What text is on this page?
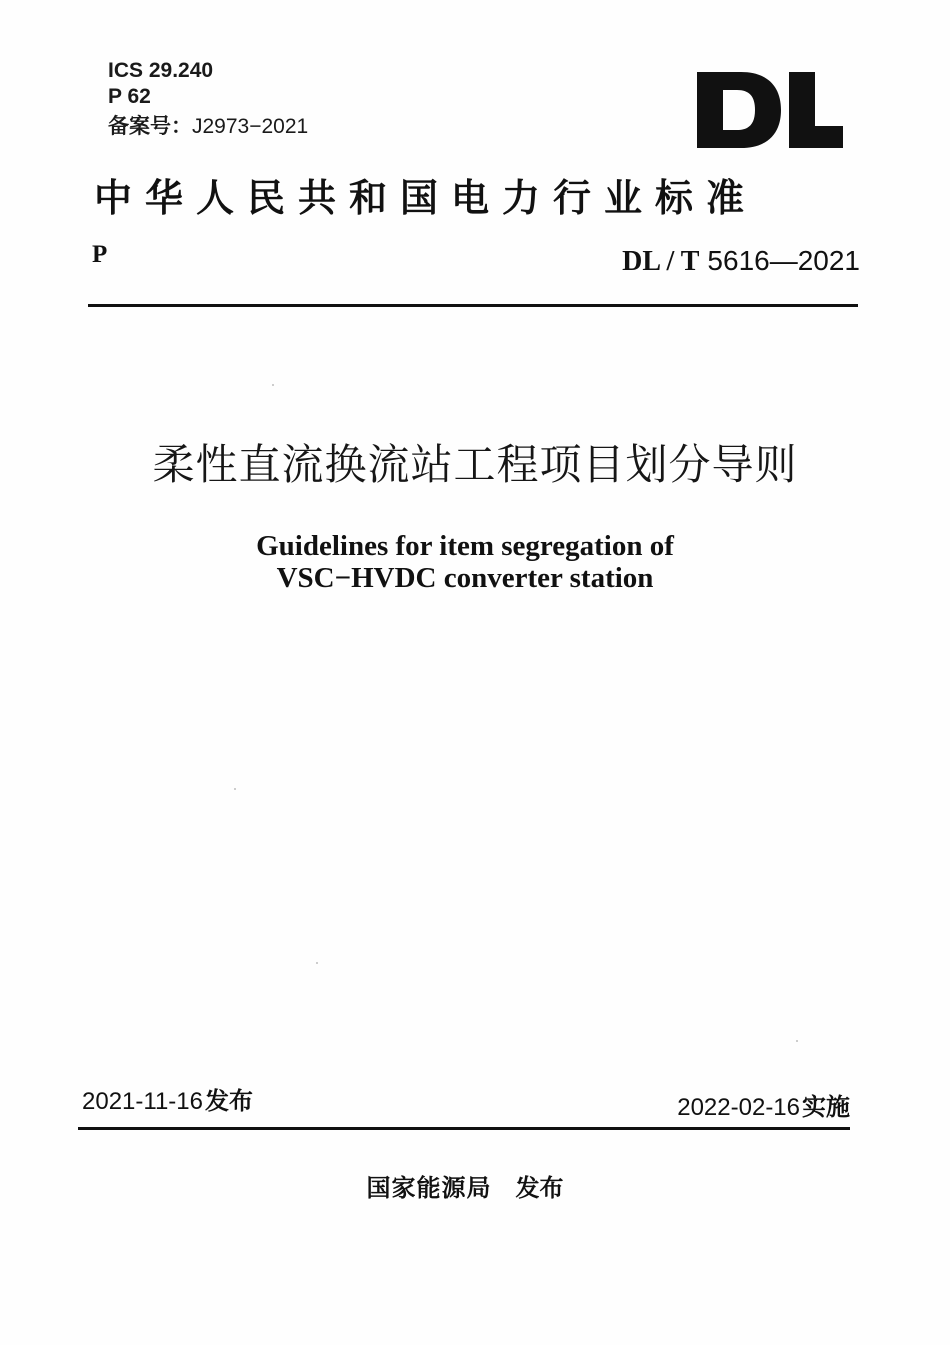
ICS 29.240
P 62
备案号：J2973−2021
中华人民共和国电力行业标准
P	DL / T 5616—2021
柔性直流换流站工程项目划分导则
Guidelines for item segregation of
VSC−HVDC converter station
2021-11-16发布	2022-02-16实施
国家能源局 发布
